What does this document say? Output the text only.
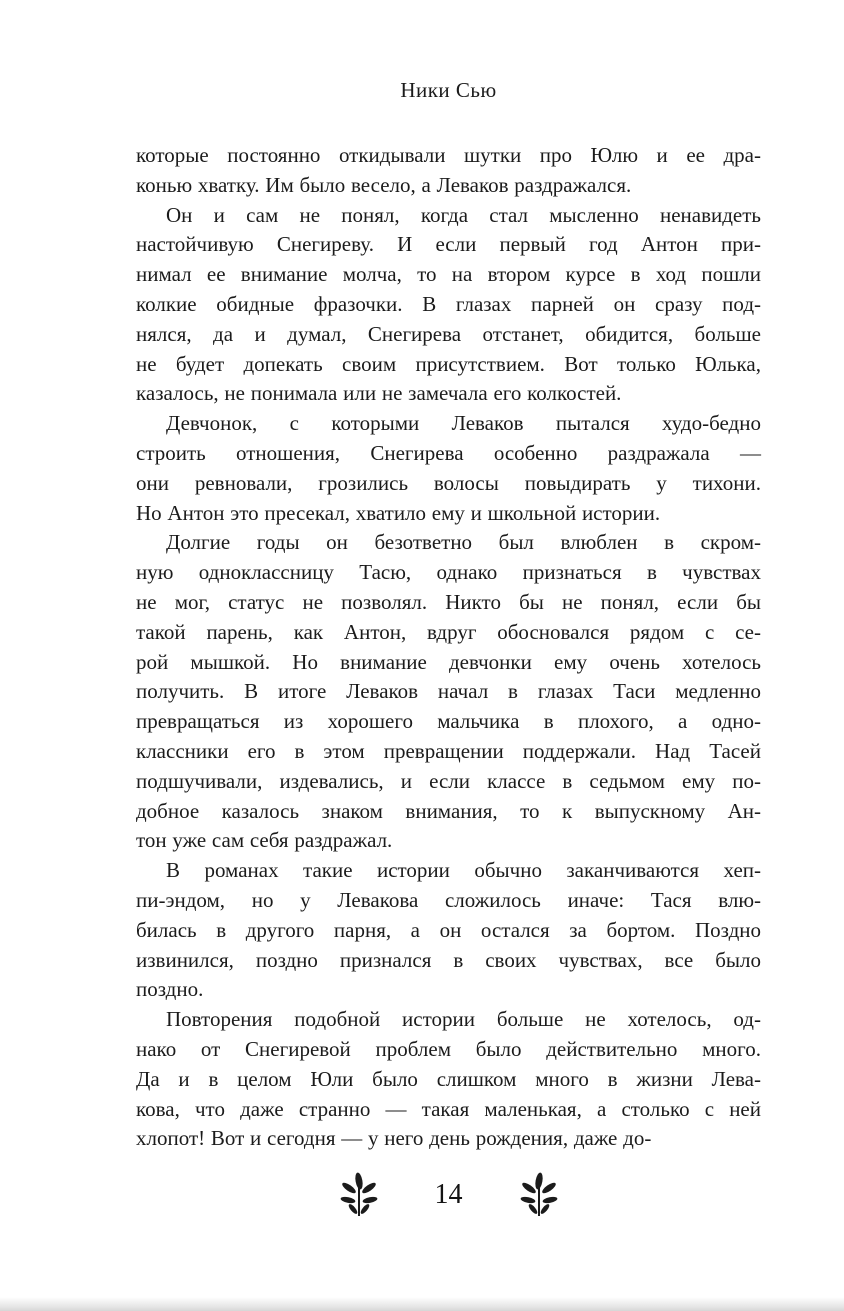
Ники Сью
которые постоянно откидывали шутки про Юлю и ее дра-
конью хватку. Им было весело, а Леваков раздражался.
Он и сам не понял, когда стал мысленно ненавидеть
настойчивую Снегиреву. И если первый год Антон при-
нимал ее внимание молча, то на втором курсе в ход пошли
колкие обидные фразочки. В глазах парней он сразу под-
нялся, да и думал, Снегирева отстанет, обидится, больше
не будет допекать своим присутствием. Вот только Юлька,
казалось, не понимала или не замечала его колкостей.
Девчонок, с которыми Леваков пытался худо-бедно
строить отношения, Снегирева особенно раздражала —
они ревновали, грозились волосы повыдирать у тихони.
Но Антон это пресекал, хватило ему и школьной истории.
Долгие годы он безответно был влюблен в скром-
ную одноклассницу Тасю, однако признаться в чувствах
не мог, статус не позволял. Никто бы не понял, если бы
такой парень, как Антон, вдруг обосновался рядом с се-
рой мышкой. Но внимание девчонки ему очень хотелось
получить. В итоге Леваков начал в глазах Таси медленно
превращаться из хорошего мальчика в плохого, а одно-
классники его в этом превращении поддержали. Над Тасей
подшучивали, издевались, и если классе в седьмом ему по-
добное казалось знаком внимания, то к выпускному Ан-
тон уже сам себя раздражал.
В романах такие истории обычно заканчиваются хеп-
пи-эндом, но у Левакова сложилось иначе: Тася влю-
билась в другого парня, а он остался за бортом. Поздно
извинился, поздно признался в своих чувствах, все было
поздно.
Повторения подобной истории больше не хотелось, од-
нако от Снегиревой проблем было действительно много.
Да и в целом Юли было слишком много в жизни Лева-
кова, что даже странно — такая маленькая, а столько с ней
хлопот! Вот и сегодня — у него день рождения, даже до-
14
